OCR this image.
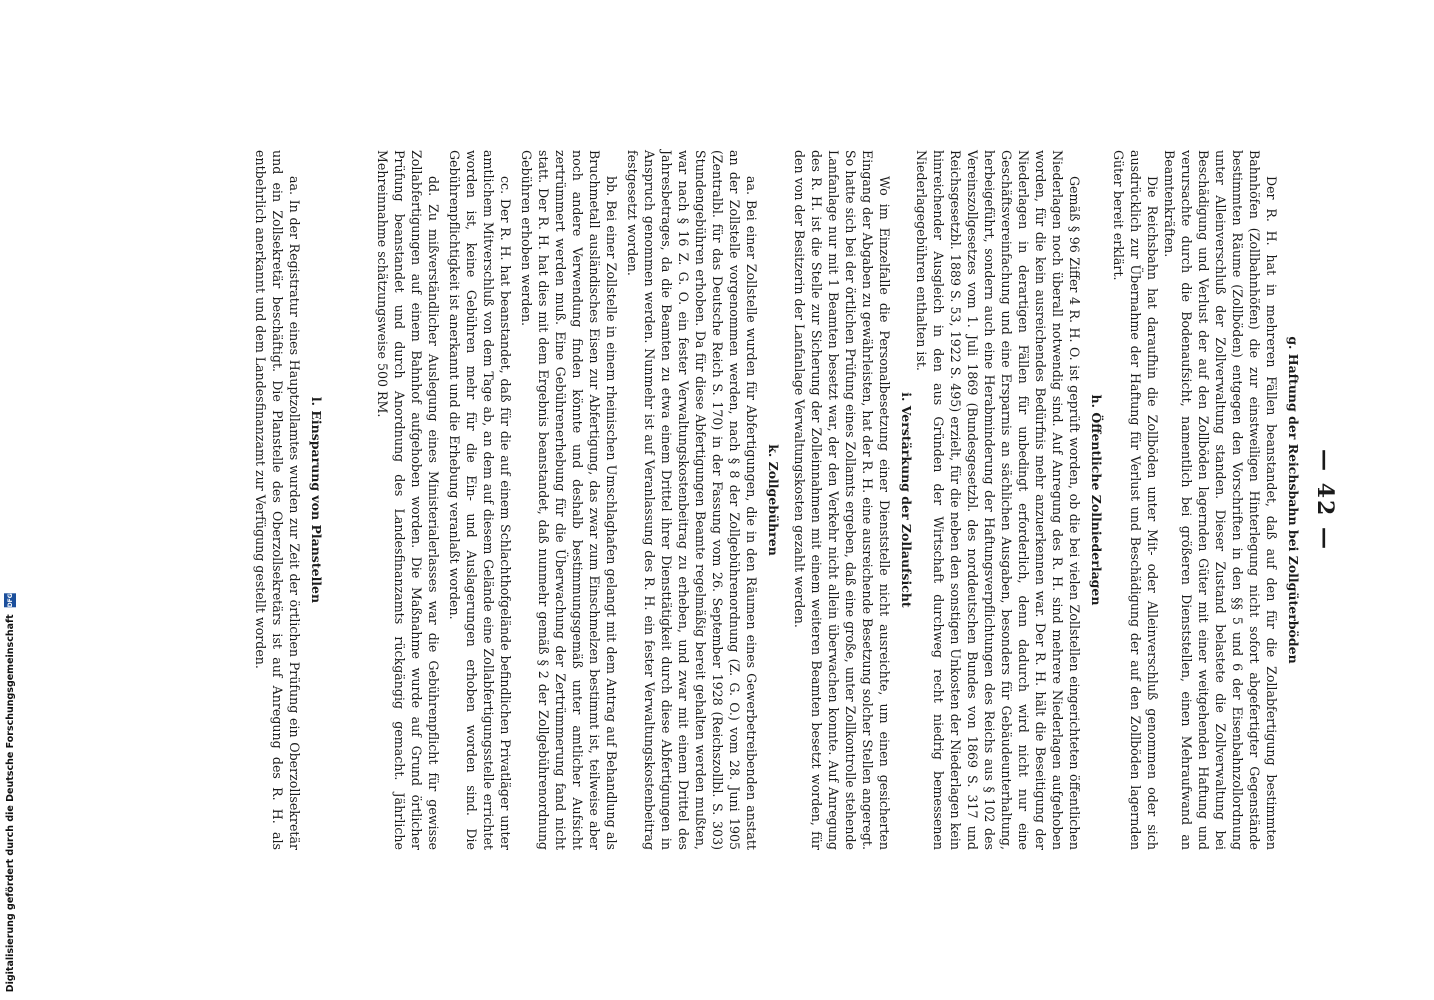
— 42 —
g. Haftung der Reichsbahn bei Zollgüterböden

Der R. H. hat in mehreren Fällen beanstandet, daß auf den für die Zollabfertigung bestimmten Bahnhöfen (Zollbahnhöfen) die zur einstweiligen Hinterlegung nicht sofort abgefertigter Gegenstände bestimmten Räume (Zollböden) entgegen den Vorschriften in den §§ 5 und 6 der Eisenbahnzollordnung unter Alleinverschluß der Zollverwaltung standen. Dieser Zustand belastete die Zollverwaltung bei Beschädigung und Verlust der auf den Zollböden lagernden Güter mit einer weitgehenden Haftung und verursachte durch die Bodenaufsicht, namentlich bei größeren Dienststellen, einen Mehraufwand an Beamtenkräften.

Die Reichsbahn hat daraufhin die Zollböden unter Mit- oder Alleinverschluß genommen oder sich ausdrücklich zur Übernahme der Haftung für Verlust und Beschädigung der auf den Zollböden lagernden Güter bereit erklärt.

h. Öffentliche Zollniederlagen

Gemäß § 96 Ziffer 4 R. H. O. ist geprüft worden, ob die bei vielen Zollstellen eingerichteten öffentlichen Niederlagen noch überall notwendig sind. Auf Anregung des R. H. sind mehrere Niederlagen aufgehoben worden, für die kein ausreichendes Bedürfnis mehr anzuerkennen war. Der R. H. hält die Beseitigung der Niederlagen in derartigen Fällen für unbedingt erforderlich, denn dadurch wird nicht nur eine Geschäftsvereinfachung und eine Ersparnis an sächlichen Ausgaben, besonders für Gebäudeunterhaltung, herbeigeführt, sondern auch eine Herabminderung der Haftungsverpflichtungen des Reichs aus § 102 des Vereinszollgesetzes vom 1. Juli 1869 (Bundesgesetzbl. des norddeutschen Bundes von 1869 S. 317 und Reichsgesetzbl. 1889 S. 53, 1922 S. 495) erzielt, für die neben den sonstigen Unkosten der Niederlagen kein hinreichender Ausgleich in den aus Gründen der Wirtschaft durchweg recht niedrig bemessenen Niederlagegebühren enthalten ist.

i. Verstärkung der Zollaufsicht

Wo im Einzelfalle die Personalbesetzung einer Dienststelle nicht ausreichte, um einen gesicherten Eingang der Abgaben zu gewährleisten, hat der R. H. eine ausreichende Besetzung solcher Stellen angeregt. So hatte sich bei der örtlichen Prüfung eines Zollamts ergeben, daß eine große, unter Zollkontrolle stehende Lanfanlage nur mit 1 Beamten besetzt war, der den Verkehr nicht allein überwachen konnte. Auf Anregung des R. H. ist die Stelle zur Sicherung der Zolleinnahmen mit einem weiteren Beamten besetzt worden, für den von der Besitzerin der Lanfanlage Verwaltungskosten gezahlt werden.

k. Zollgebühren

aa. Bei einer Zollstelle wurden für Abfertigungen, die in den Räumen eines Gewerbetreibenden anstatt an der Zollstelle vorgenommen werden, nach § 8 der Zollgebührenordnung (Z. G. O.) vom 28. Juni 1905 (Zentralbl. für das Deutsche Reich S. 170) in der Fassung vom 26. September 1928 (Reichszollbl. S. 303) Stundengebühren erhoben. Da für diese Abfertigungen Beamte regelmäßig bereit gehalten werden mußten, war nach § 16 Z. G. O. ein fester Verwaltungskostenbeitrag zu erheben, und zwar mit einem Drittel des Jahresbetrages, da die Beamten zu etwa einem Drittel ihrer Diensttätigkeit durch diese Abfertigungen in Anspruch genommen werden. Nunmehr ist auf Veranlassung des R. H. ein fester Verwaltungskostenbeitrag festgesetzt worden.

bb. Bei einer Zollstelle in einem rheinischen Umschlaghafen gelangt mit dem Antrag auf Behandlung als Bruchmetall ausländisches Eisen zur Abfertigung, das zwar zum Einschmelzen bestimmt ist, teilweise aber noch andere Verwendung finden könnte und deshalb bestimmungsgemäß unter amtlicher Aufsicht zertrümmert werden muß. Eine Gebührenerhebung für die Überwachung der Zertrümmerung fand nicht statt. Der R. H. hat dies mit dem Ergebnis beanstandet, daß nunmehr gemäß § 2 der Zollgebührenordnung Gebühren erhoben werden.

cc. Der R. H. hat beanstandet, daß für die auf einem Schlachthofgelände befindlichen Privatläger unter amtlichem Mitverschluß von dem Tage ab, an dem auf diesem Gelände eine Zollabfertigungsstelle errichtet worden ist, keine Gebühren mehr für die Ein- und Auslagerungen erhoben worden sind. Die Gebührenpflichtigkeit ist anerkannt und die Erhebung veranlaßt worden.

dd. Zu mißverständlicher Auslegung eines Ministerialerlasses war die Gebührenpflicht für gewisse Zollabfertigungen auf einem Bahnhof aufgehoben worden. Die Maßnahme wurde auf Grund örtlicher Prüfung beanstandet und durch Anordnung des Landesfinanzamts rückgängig gemacht. Jährliche Mehreinnahme schätzungsweise 500 RM.

l. Einsparung von Planstellen

aa. In der Registratur eines Hauptzollamtes wurden zur Zeit der örtlichen Prüfung ein Oberzollsekretär und ein Zollsekretär beschäftigt. Die Planstelle des Oberzollsekretärs ist auf Anregung des R. H. als entbehrlich anerkannt und dem Landesfinanzamt zur Verfügung gestellt worden.

Digitalisierung gefördert durch die Deutsche Forschungsgemeinschaft DFG
